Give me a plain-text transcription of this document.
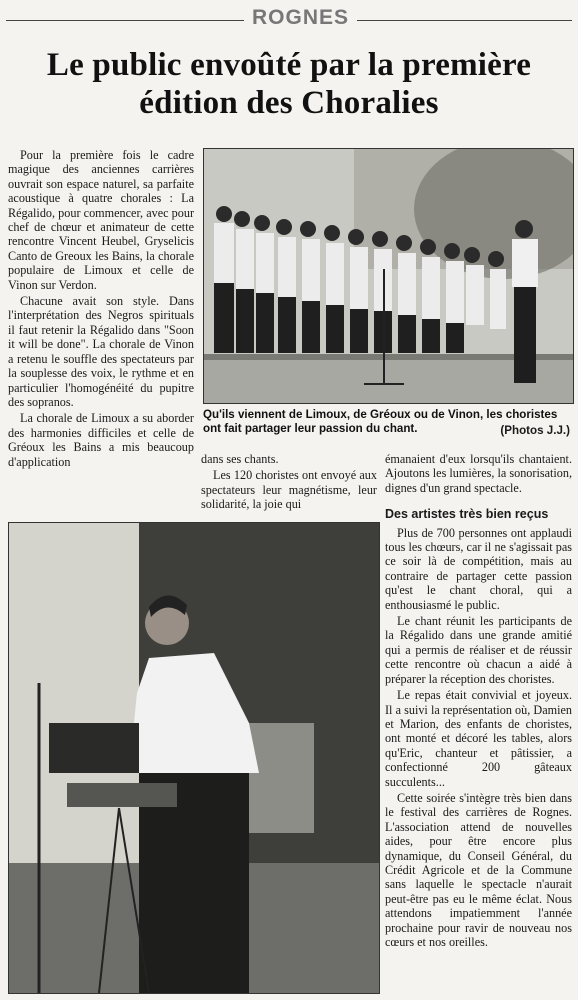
ROGNES
Le public envoûté par la première édition des Choralies

Pour la première fois le cadre magique des anciennes carrières ouvrait son espace naturel, sa parfaite acoustique à quatre chorales : La Régalido, pour commencer, avec pour chef de chœur et animateur de cette rencontre Vincent Heubel, Gryselicis Canto de Greoux les Bains, la chorale populaire de Limoux et celle de Vinon sur Verdon.

Chacune avait son style. Dans l'interprétation des Negros spirituals il faut retenir la Régalido dans "Soon it will be done". La chorale de Vinon a retenu le souffle des spectateurs par la souplesse des voix, le rythme et en particulier l'homogénéité du pupitre des sopranos.

La chorale de Limoux a su aborder des harmonies difficiles et celle de Gréoux les Bains a mis beaucoup d'application

Qu'ils viennent de Limoux, de Gréoux ou de Vinon, les choristes ont fait partager leur passion du chant.	(Photos J.J.)

dans ses chants.

Les 120 choristes ont envoyé aux spectateurs leur magnétisme, leur solidarité, la joie qui

émanaient d'eux lorsqu'ils chantaient. Ajoutons les lumières, la sonorisation, dignes d'un grand spectacle.

Des artistes très bien reçus

Plus de 700 personnes ont applaudi tous les chœurs, car il ne s'agissait pas ce soir là de compétition, mais au contraire de partager cette passion qu'est le chant choral, qui a enthousiasmé le public.

Le chant réunit les participants de la Régalido dans une grande amitié qui a permis de réaliser et de réussir cette rencontre où chacun a aidé à préparer la réception des choristes.

Le repas était convivial et joyeux. Il a suivi la représentation où, Damien et Marion, des enfants de choristes, ont monté et décoré les tables, alors qu'Eric, chanteur et pâtissier, a confectionné 200 gâteaux succulents...

Cette soirée s'intègre très bien dans le festival des carrières de Rognes. L'association attend de nouvelles aides, pour être encore plus dynamique, du Conseil Général, du Crédit Agricole et de la Commune sans laquelle le spectacle n'aurait peut-être pas eu le même éclat. Nous attendons impatiemment l'année prochaine pour ravir de nouveau nos cœurs et nos oreilles.
